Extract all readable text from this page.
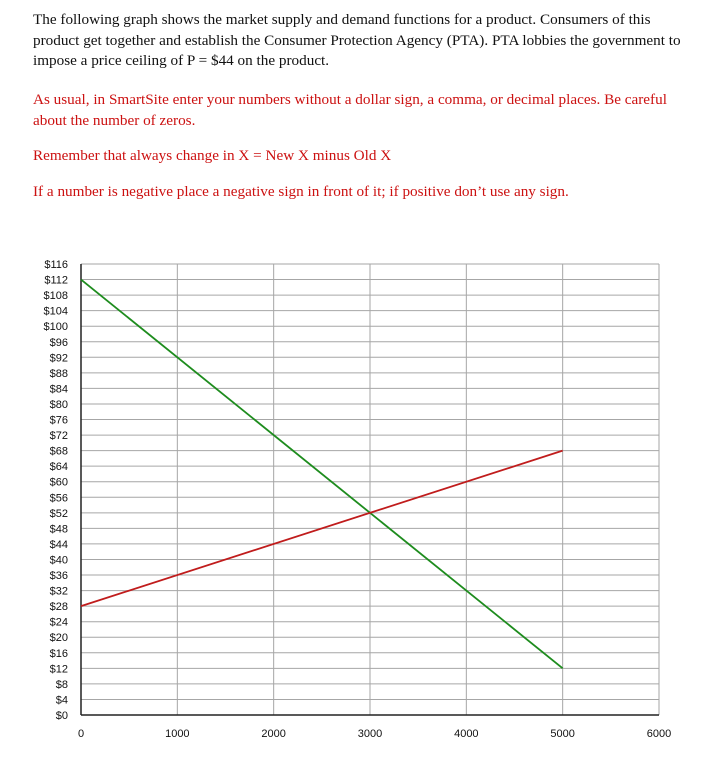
The following graph shows the market supply and demand functions for a product. Consumers of this product get together and establish the Consumer Protection Agency (PTA). PTA lobbies the government to impose a price ceiling of P = $44 on the product.

As usual, in SmartSite enter your numbers without a dollar sign, a comma, or decimal places. Be careful about the number of zeros.

Remember that always change in X = New X minus Old X

If a number is negative place a negative sign in front of it; if positive don’t use any sign.

$0
$4
$8
$12
$16
$20
$24
$28
$32
$36
$40
$44
$48
$52
$56
$60
$64
$68
$72
$76
$80
$84
$88
$92
$96
$100
$104
$108
$112
$116
0	1000	2000	3000	4000	5000	6000
